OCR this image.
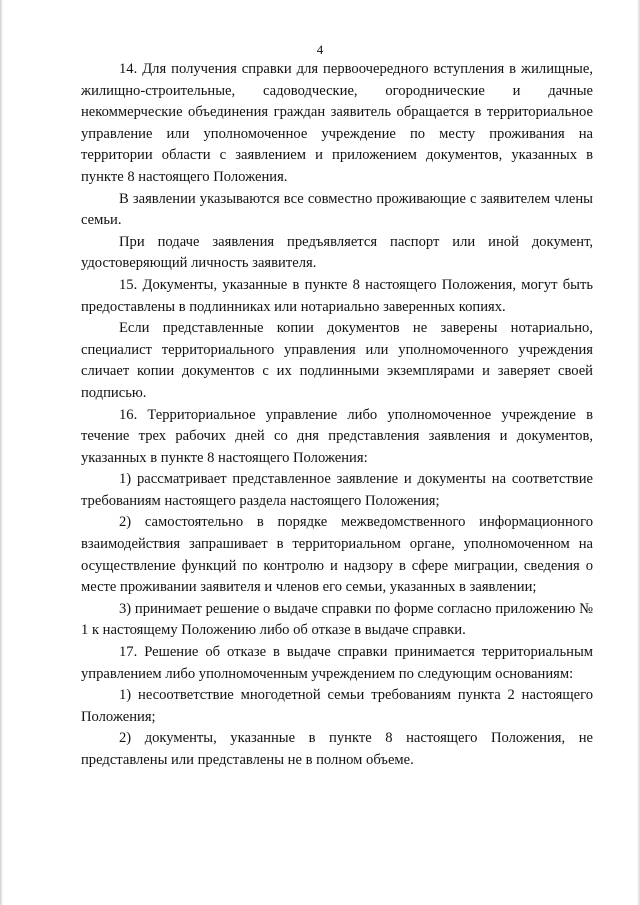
4

14. Для получения справки для первоочередного вступления в жилищные, жилищно-строительные, садоводческие, огороднические и дачные некоммерческие объединения граждан заявитель обращается в территориальное управление или уполномоченное учреждение по месту проживания на территории области с заявлением и приложением документов, указанных в пункте 8 настоящего Положения.

В заявлении указываются все совместно проживающие с заявителем члены семьи.

При подаче заявления предъявляется паспорт или иной документ, удостоверяющий личность заявителя.

15. Документы, указанные в пункте 8 настоящего Положения, могут быть предоставлены в подлинниках или нотариально заверенных копиях.

Если представленные копии документов не заверены нотариально, специалист территориального управления или уполномоченного учреждения сличает копии документов с их подлинными экземплярами и заверяет своей подписью.

16. Территориальное управление либо уполномоченное учреждение в течение трех рабочих дней со дня представления заявления и документов, указанных в пункте 8 настоящего Положения:

1) рассматривает представленное заявление и документы на соответствие требованиям настоящего раздела настоящего Положения;

2) самостоятельно в порядке межведомственного информационного взаимодействия запрашивает в территориальном органе, уполномоченном на осуществление функций по контролю и надзору в сфере миграции, сведения о месте проживании заявителя и членов его семьи, указанных в заявлении;

3) принимает решение о выдаче справки по форме согласно приложению № 1 к настоящему Положению либо об отказе в выдаче справки.

17. Решение об отказе в выдаче справки принимается территориальным управлением либо уполномоченным учреждением по следующим основаниям:

1) несоответствие многодетной семьи требованиям пункта 2 настоящего Положения;

2) документы, указанные в пункте 8 настоящего Положения, не представлены или представлены не в полном объеме.
